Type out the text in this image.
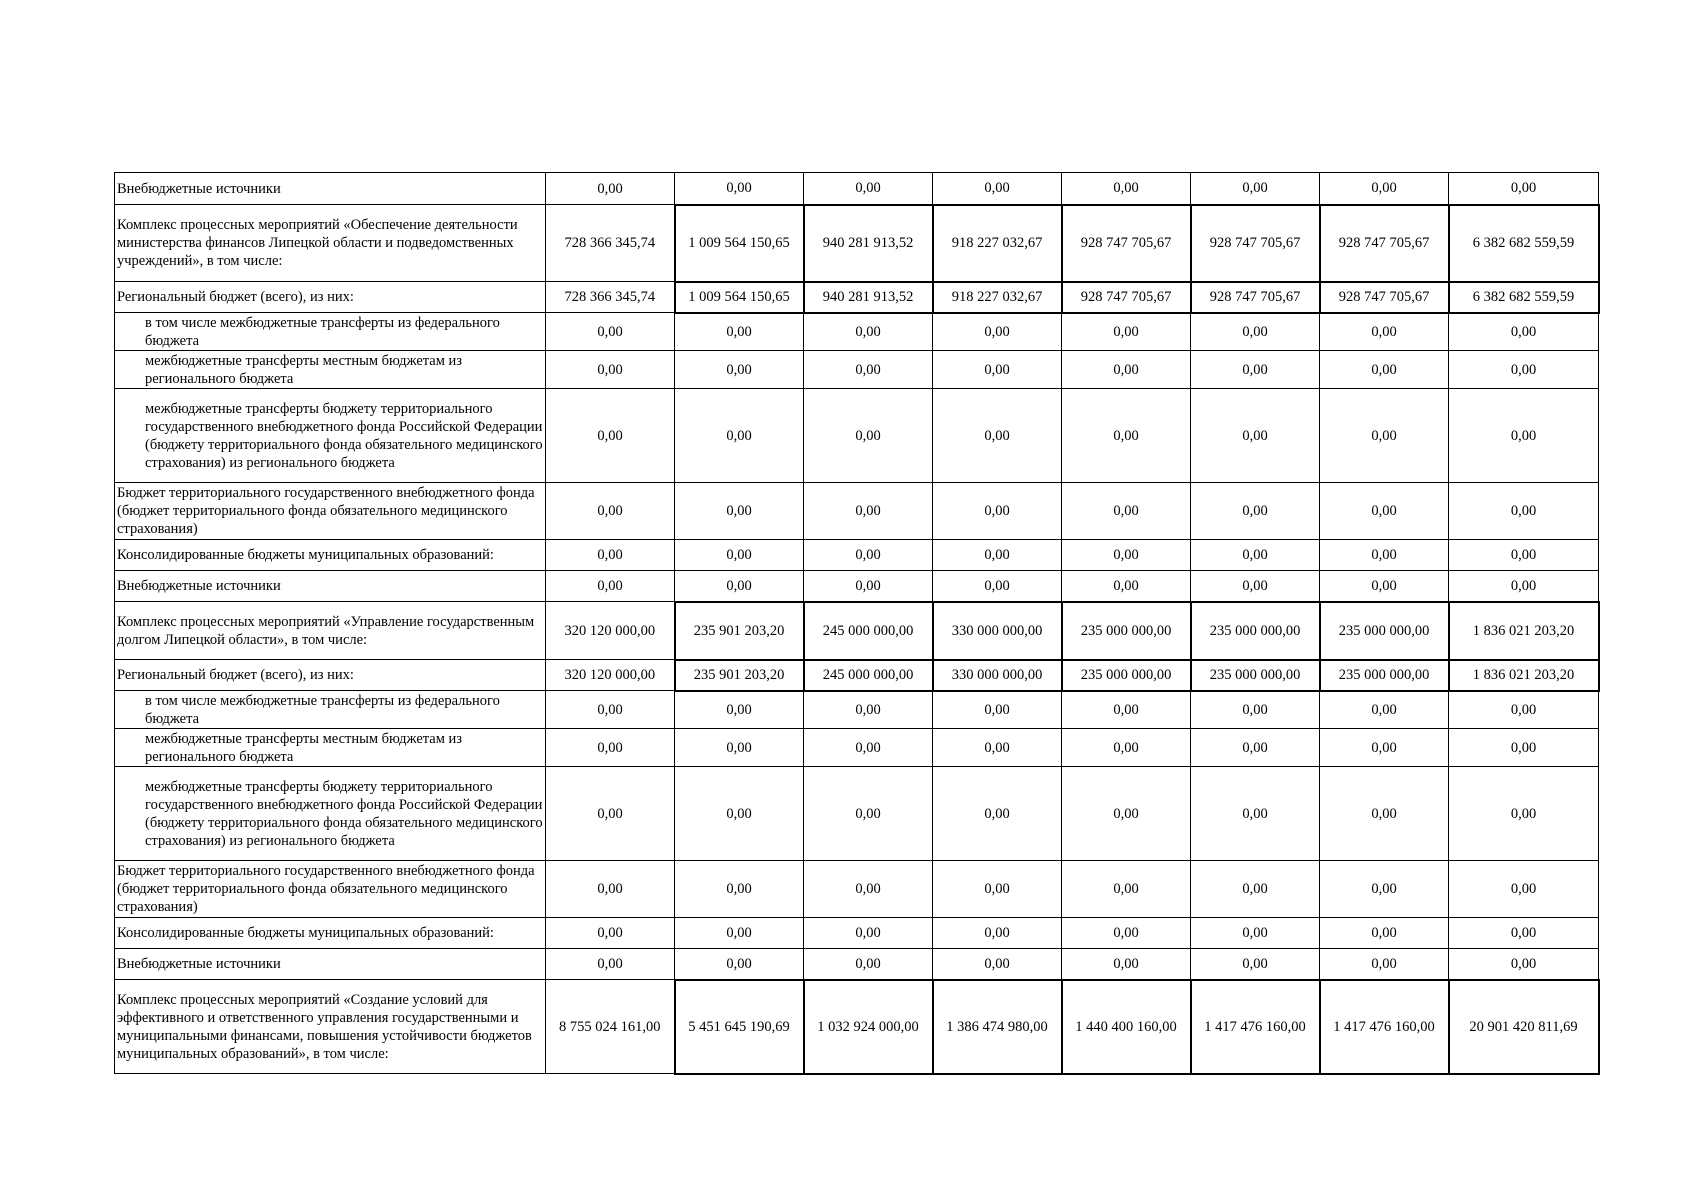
Внебюджетные источники	0,00	0,00	0,00	0,00	0,00	0,00	0,00	0,00
Комплекс процессных мероприятий «Обеспечение деятельности министерства финансов Липецкой области и подведомственных учреждений», в том числе:	728 366 345,74	1 009 564 150,65	940 281 913,52	918 227 032,67	928 747 705,67	928 747 705,67	928 747 705,67	6 382 682 559,59
Региональный бюджет (всего), из них:	728 366 345,74	1 009 564 150,65	940 281 913,52	918 227 032,67	928 747 705,67	928 747 705,67	928 747 705,67	6 382 682 559,59
в том числе межбюджетные трансферты из федерального бюджета	0,00	0,00	0,00	0,00	0,00	0,00	0,00	0,00
межбюджетные трансферты местным бюджетам из регионального бюджета	0,00	0,00	0,00	0,00	0,00	0,00	0,00	0,00
межбюджетные трансферты бюджету территориального государственного внебюджетного фонда Российской Федерации (бюджету территориального фонда обязательного медицинского страхования) из регионального бюджета	0,00	0,00	0,00	0,00	0,00	0,00	0,00	0,00
Бюджет территориального государственного внебюджетного фонда (бюджет территориального фонда обязательного медицинского страхования)	0,00	0,00	0,00	0,00	0,00	0,00	0,00	0,00
Консолидированные бюджеты муниципальных образований:	0,00	0,00	0,00	0,00	0,00	0,00	0,00	0,00
Внебюджетные источники	0,00	0,00	0,00	0,00	0,00	0,00	0,00	0,00
Комплекс процессных мероприятий «Управление государственным долгом Липецкой области», в том числе:	320 120 000,00	235 901 203,20	245 000 000,00	330 000 000,00	235 000 000,00	235 000 000,00	235 000 000,00	1 836 021 203,20
Региональный бюджет (всего), из них:	320 120 000,00	235 901 203,20	245 000 000,00	330 000 000,00	235 000 000,00	235 000 000,00	235 000 000,00	1 836 021 203,20
в том числе межбюджетные трансферты из федерального бюджета	0,00	0,00	0,00	0,00	0,00	0,00	0,00	0,00
межбюджетные трансферты местным бюджетам из регионального бюджета	0,00	0,00	0,00	0,00	0,00	0,00	0,00	0,00
межбюджетные трансферты бюджету территориального государственного внебюджетного фонда Российской Федерации (бюджету территориального фонда обязательного медицинского страхования) из регионального бюджета	0,00	0,00	0,00	0,00	0,00	0,00	0,00	0,00
Бюджет территориального государственного внебюджетного фонда (бюджет территориального фонда обязательного медицинского страхования)	0,00	0,00	0,00	0,00	0,00	0,00	0,00	0,00
Консолидированные бюджеты муниципальных образований:	0,00	0,00	0,00	0,00	0,00	0,00	0,00	0,00
Внебюджетные источники	0,00	0,00	0,00	0,00	0,00	0,00	0,00	0,00
Комплекс процессных мероприятий «Создание условий для эффективного и ответственного управления государственными и муниципальными финансами, повышения устойчивости бюджетов муниципальных образований», в том числе:	8 755 024 161,00	5 451 645 190,69	1 032 924 000,00	1 386 474 980,00	1 440 400 160,00	1 417 476 160,00	1 417 476 160,00	20 901 420 811,69
